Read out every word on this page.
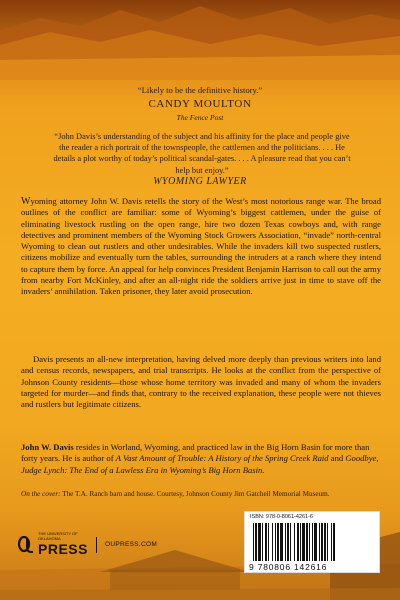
“Likely to be the definitive history.”
CANDY MOULTON
The Fence Post
“John Davis’s understanding of the subject and his affinity for the place and people give the reader a rich portrait of the townspeople, the cattlemen and the politicians. . . . He details a plot worthy of today’s political scandal-gates. . . . A pleasure read that you can’t help but enjoy.”
WYOMING LAWYER

Wyoming attorney John W. Davis retells the story of the West’s most notorious range war. The broad outlines of the conflict are familiar: some of Wyoming’s biggest cattlemen, under the guise of eliminating livestock rustling on the open range, hire two dozen Texas cowboys and, with range detectives and prominent members of the Wyoming Stock Growers Association, “invade” north-central Wyoming to clean out rustlers and other undesirables. While the invaders kill two suspected rustlers, citizens mobilize and eventually turn the tables, surrounding the intruders at a ranch where they intend to capture them by force. An appeal for help convinces President Benjamin Harrison to call out the army from nearby Fort McKinley, and after an all-night ride the soldiers arrive just in time to stave off the invaders’ annihilation. Taken prisoner, they later avoid prosecution.

Davis presents an all-new interpretation, having delved more deeply than previous writers into land and census records, newspapers, and trial transcripts. He looks at the conflict from the perspective of Johnson County residents—those whose home territory was invaded and many of whom the invaders targeted for murder—and finds that, contrary to the received explanation, these people were not thieves and rustlers but legitimate citizens.
John W. Davis resides in Worland, Wyoming, and practiced law in the Big Horn Basin for more than forty years. He is author of A Vast Amount of Trouble: A History of the Spring Creek Raid and Goodbye, Judge Lynch: The End of a Lawless Era in Wyoming’s Big Horn Basin.
On the cover: The T.A. Ranch barn and house. Courtesy, Johnson County Jim Gatchell Memorial Museum.
THE UNIVERSITY OF OKLAHOMA
PRESS	OUPRESS.COM
ISBN: 978-0-8061-4261-6
9 780806 142616
